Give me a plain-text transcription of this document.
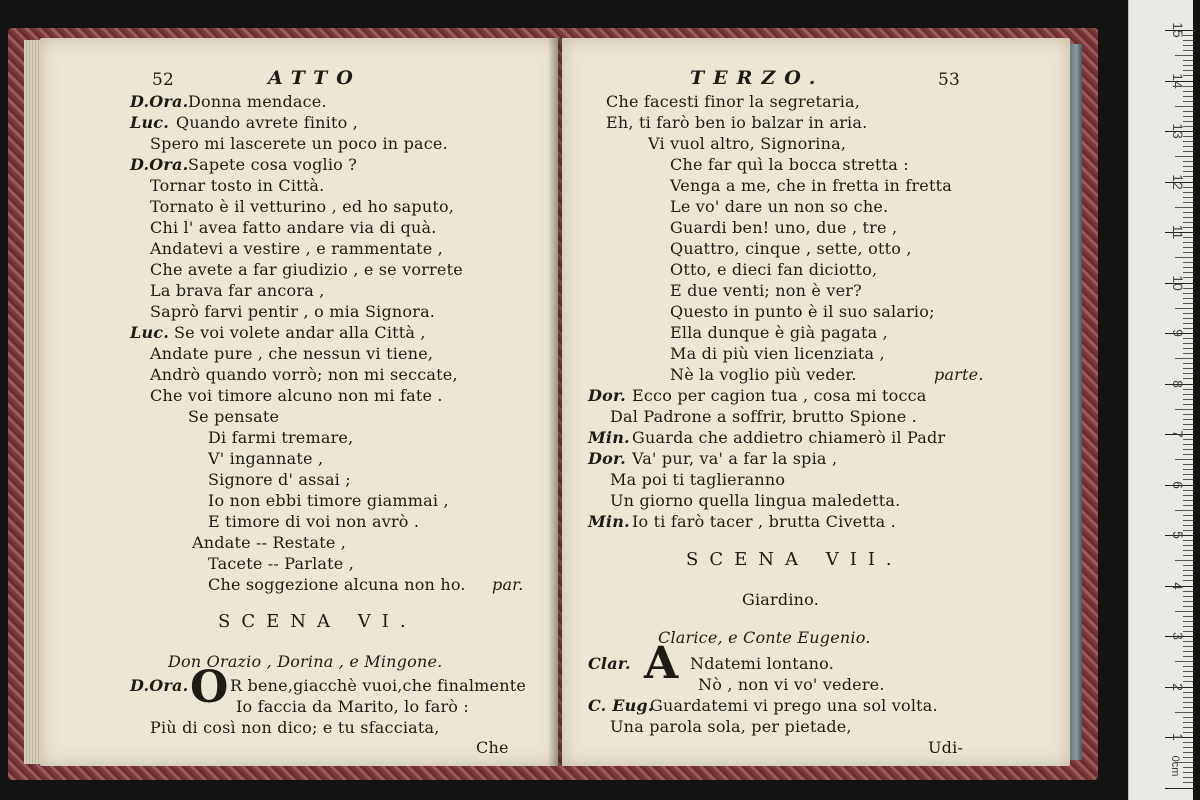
52	ATTO
D.Ora. Donna mendace.
Luc. Quando avrete finito ,
Spero mi lascerete un poco in pace.
D.Ora. Sapete cosa voglio ?
Tornar tosto in Città.
Tornato è il vetturino , ed ho saputo,
Chi l' avea fatto andare via di quà.
Andatevi a vestire , e rammentate ,
Che avete a far giudizio , e se vorrete
La brava far ancora ,
Saprò farvi pentir , o mia Signora.
Luc. Se voi volete andar alla Città ,
Andate pure , che nessun vi tiene,
Andrò quando vorrò; non mi seccate,
Che voi timore alcuno non mi fate .
Se pensate
Di farmi tremare,
V' ingannate ,
Signore d' assai ;
Io non ebbi timore giammai ,
E timore di voi non avrò .
Andate -- Restate ,
Tacete -- Parlate ,
Che soggezione alcuna non ho. par.
SCENA VI.
Don Orazio , Dorina , e Mingone.
D.Ora. O R bene,giacchè vuoi,che finalmente
Io faccia da Marito, lo farò :
Più di così non dico; e tu sfacciata,
Che
TERZO.	53
Che facesti finor la segretaria,
Eh, ti farò ben io balzar in aria.
Vi vuol altro, Signorina,
Che far quì la bocca stretta :
Venga a me, che in fretta in fretta
Le vo' dare un non so che.
Guardi ben! uno, due , tre ,
Quattro, cinque , sette, otto ,
Otto, e dieci fan diciotto,
E due venti; non è ver?
Questo in punto è il suo salario;
Ella dunque è già pagata ,
Ma di più vien licenziata ,
Nè la voglio più veder.	parte.
Dor. Ecco per cagion tua , cosa mi tocca
Dal Padrone a soffrir, brutto Spione .
Min. Guarda che addietro chiamerò il Padr
Dor. Va' pur, va' a far la spia ,
Ma poi ti taglieranno
Un giorno quella lingua maledetta.
Min. Io ti farò tacer , brutta Civetta .
SCENA VII.
Giardino.
Clarice, e Conte Eugenio.
Clar. A Ndatemi lontano.
Nò , non vi vo' vedere.
C. Eug.
Guardatemi vi prego una sol volta.
Una parola sola, per pietade,
Udi-
15
14
13
12
11
10
9
8
7
6
5
4
3
2
1
0cm
